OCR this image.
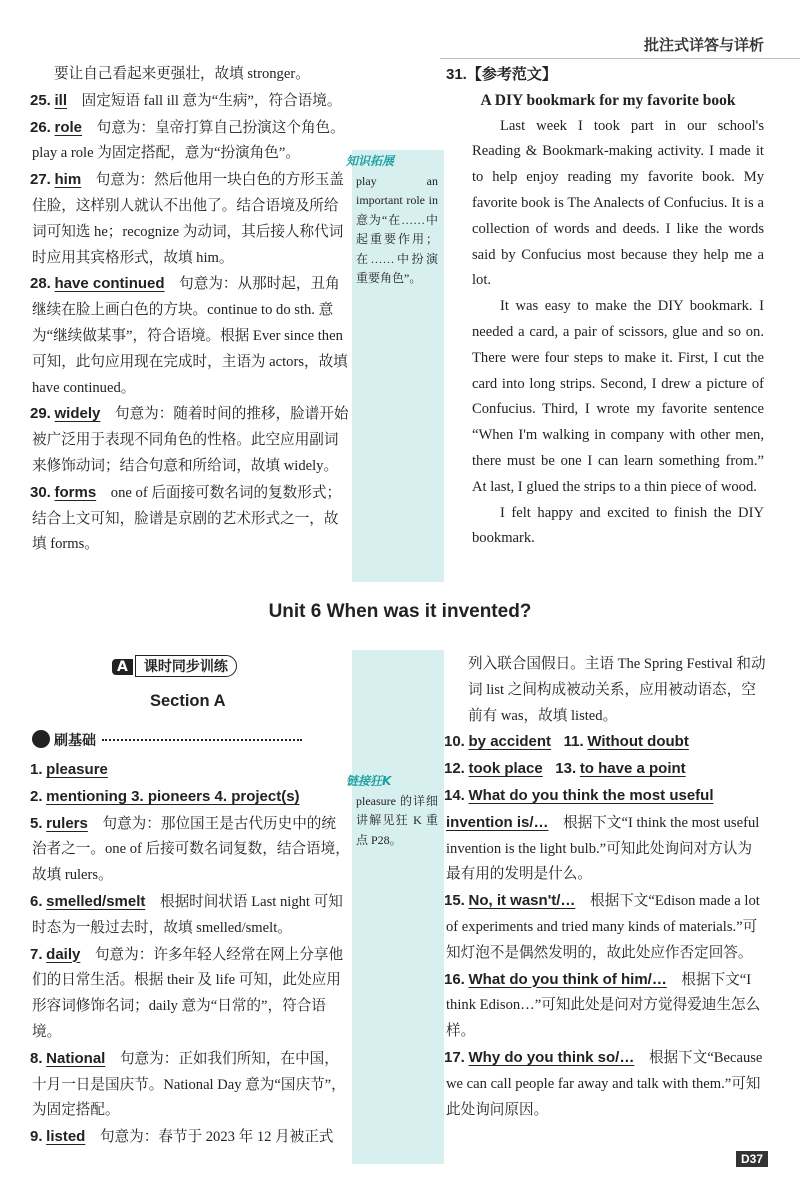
批注式详答与详析

要让自己看起来更强壮，故填 stronger。

25. ill  固定短语 fall ill 意为“生病”，符合语境。

26. role  句意为：皇帝打算自己扮演这个角色。play a role 为固定搭配，意为“扮演角色”。

27. him  句意为：然后他用一块白色的方形玉盖住脸，这样别人就认不出他了。结合语境及所给词可知选 he；recognize 为动词，其后接人称代词时应用其宾格形式，故填 him。

28. have continued  句意为：从那时起，丑角继续在脸上画白色的方块。continue to do sth. 意为“继续做某事”，符合语境。根据 Ever since then 可知，此句应用现在完成时，主语为 actors，故填 have continued。

29. widely  句意为：随着时间的推移，脸谱开始被广泛用于表现不同角色的性格。此空应用副词来修饰动词；结合句意和所给词，故填 widely。

30. forms  one of 后面接可数名词的复数形式；结合上文可知，脸谱是京剧的艺术形式之一，故填 forms。

知识拓展
play an important role in 意为“在……中起重要作用；在……中扮演重要角色”。
31.【参考范文】

A DIY bookmark for my favorite book

Last week I took part in our school's Reading & Bookmark-making activity. I made it to help enjoy reading my favorite book. My favorite book is The Analects of Confucius. It is a collection of words and deeds. I like the words said by Confucius most because they help me a lot.

It was easy to make the DIY bookmark. I needed a card, a pair of scissors, glue and so on. There were four steps to make it. First, I cut the card into long strips. Second, I drew a picture of Confucius. Third, I wrote my favorite sentence “When I'm walking in company with other men, there must be one I can learn something from.” At last, I glued the strips to a thin piece of wood.

I felt happy and excited to finish the DIY bookmark.

Unit 6 When was it invented?
A 课时同步训练
Section A
刷基础
链接狂K
pleasure 的详细讲解见狂 K 重点 P28。

1. pleasure 

2. mentioning 3. pioneers 4. project(s) 

5. rulers  句意为：那位国王是古代历史中的统治者之一。one of 后接可数名词复数，结合语境，故填 rulers。

6. smelled/smelt  根据时间状语 Last night 可知时态为一般过去时，故填 smelled/smelt。

7. daily  句意为：许多年轻人经常在网上分享他们的日常生活。根据 their 及 life 可知，此处应用形容词修饰名词；daily 意为“日常的”，符合语境。

8. National  句意为：正如我们所知，在中国，十月一日是国庆节。National Day 意为“国庆节”，为固定搭配。

9. listed  句意为：春节于 2023 年 12 月被正式

列入联合国假日。主语 The Spring Festival 和动词 list 之间构成被动关系，应用被动语态，空前有 was，故填 listed。

10. by accident  11. Without doubt

12. took place  13. to have a point

14. What do you think the most useful invention is/…  根据下文“I think the most useful invention is the light bulb.”可知此处询问对方认为最有用的发明是什么。

15. No, it wasn't/…  根据下文“Edison made a lot of experiments and tried many kinds of materials.”可知灯泡不是偶然发明的，故此处应作否定回答。

16. What do you think of him/…  根据下文“I think Edison…”可知此处是问对方觉得爱迪生怎么样。

17. Why do you think so/…  根据下文“Because we can call people far away and talk with them.”可知此处询问原因。

D37
